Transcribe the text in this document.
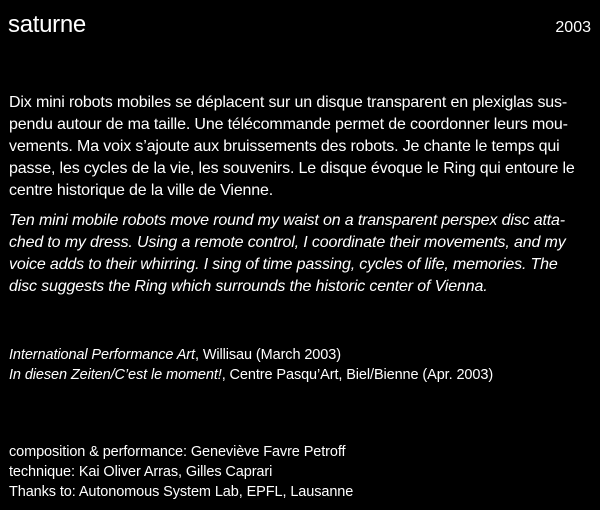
saturne	2003

Dix mini robots mobiles se déplacent sur un disque transparent en plexiglas sus-
pendu autour de ma taille. Une télécommande permet de coordonner leurs mou-
vements. Ma voix s’ajoute aux bruissements des robots. Je chante le temps qui
passe, les cycles de la vie, les souvenirs. Le disque évoque le Ring qui entoure le
centre historique de la ville de Vienne.

Ten mini mobile robots move round my waist on a transparent perspex disc atta-
ched to my dress. Using a remote control, I coordinate their movements, and my
voice adds to their whirring. I sing of time passing, cycles of life, memories. The
disc suggests the Ring which surrounds the historic center of Vienna.

International Performance Art, Willisau (March 2003)
In diesen Zeiten/C’est le moment!, Centre Pasqu’Art, Biel/Bienne (Apr. 2003)
composition & performance: Geneviève Favre Petroff
technique: Kai Oliver Arras, Gilles Caprari
Thanks to: Autonomous System Lab, EPFL, Lausanne
